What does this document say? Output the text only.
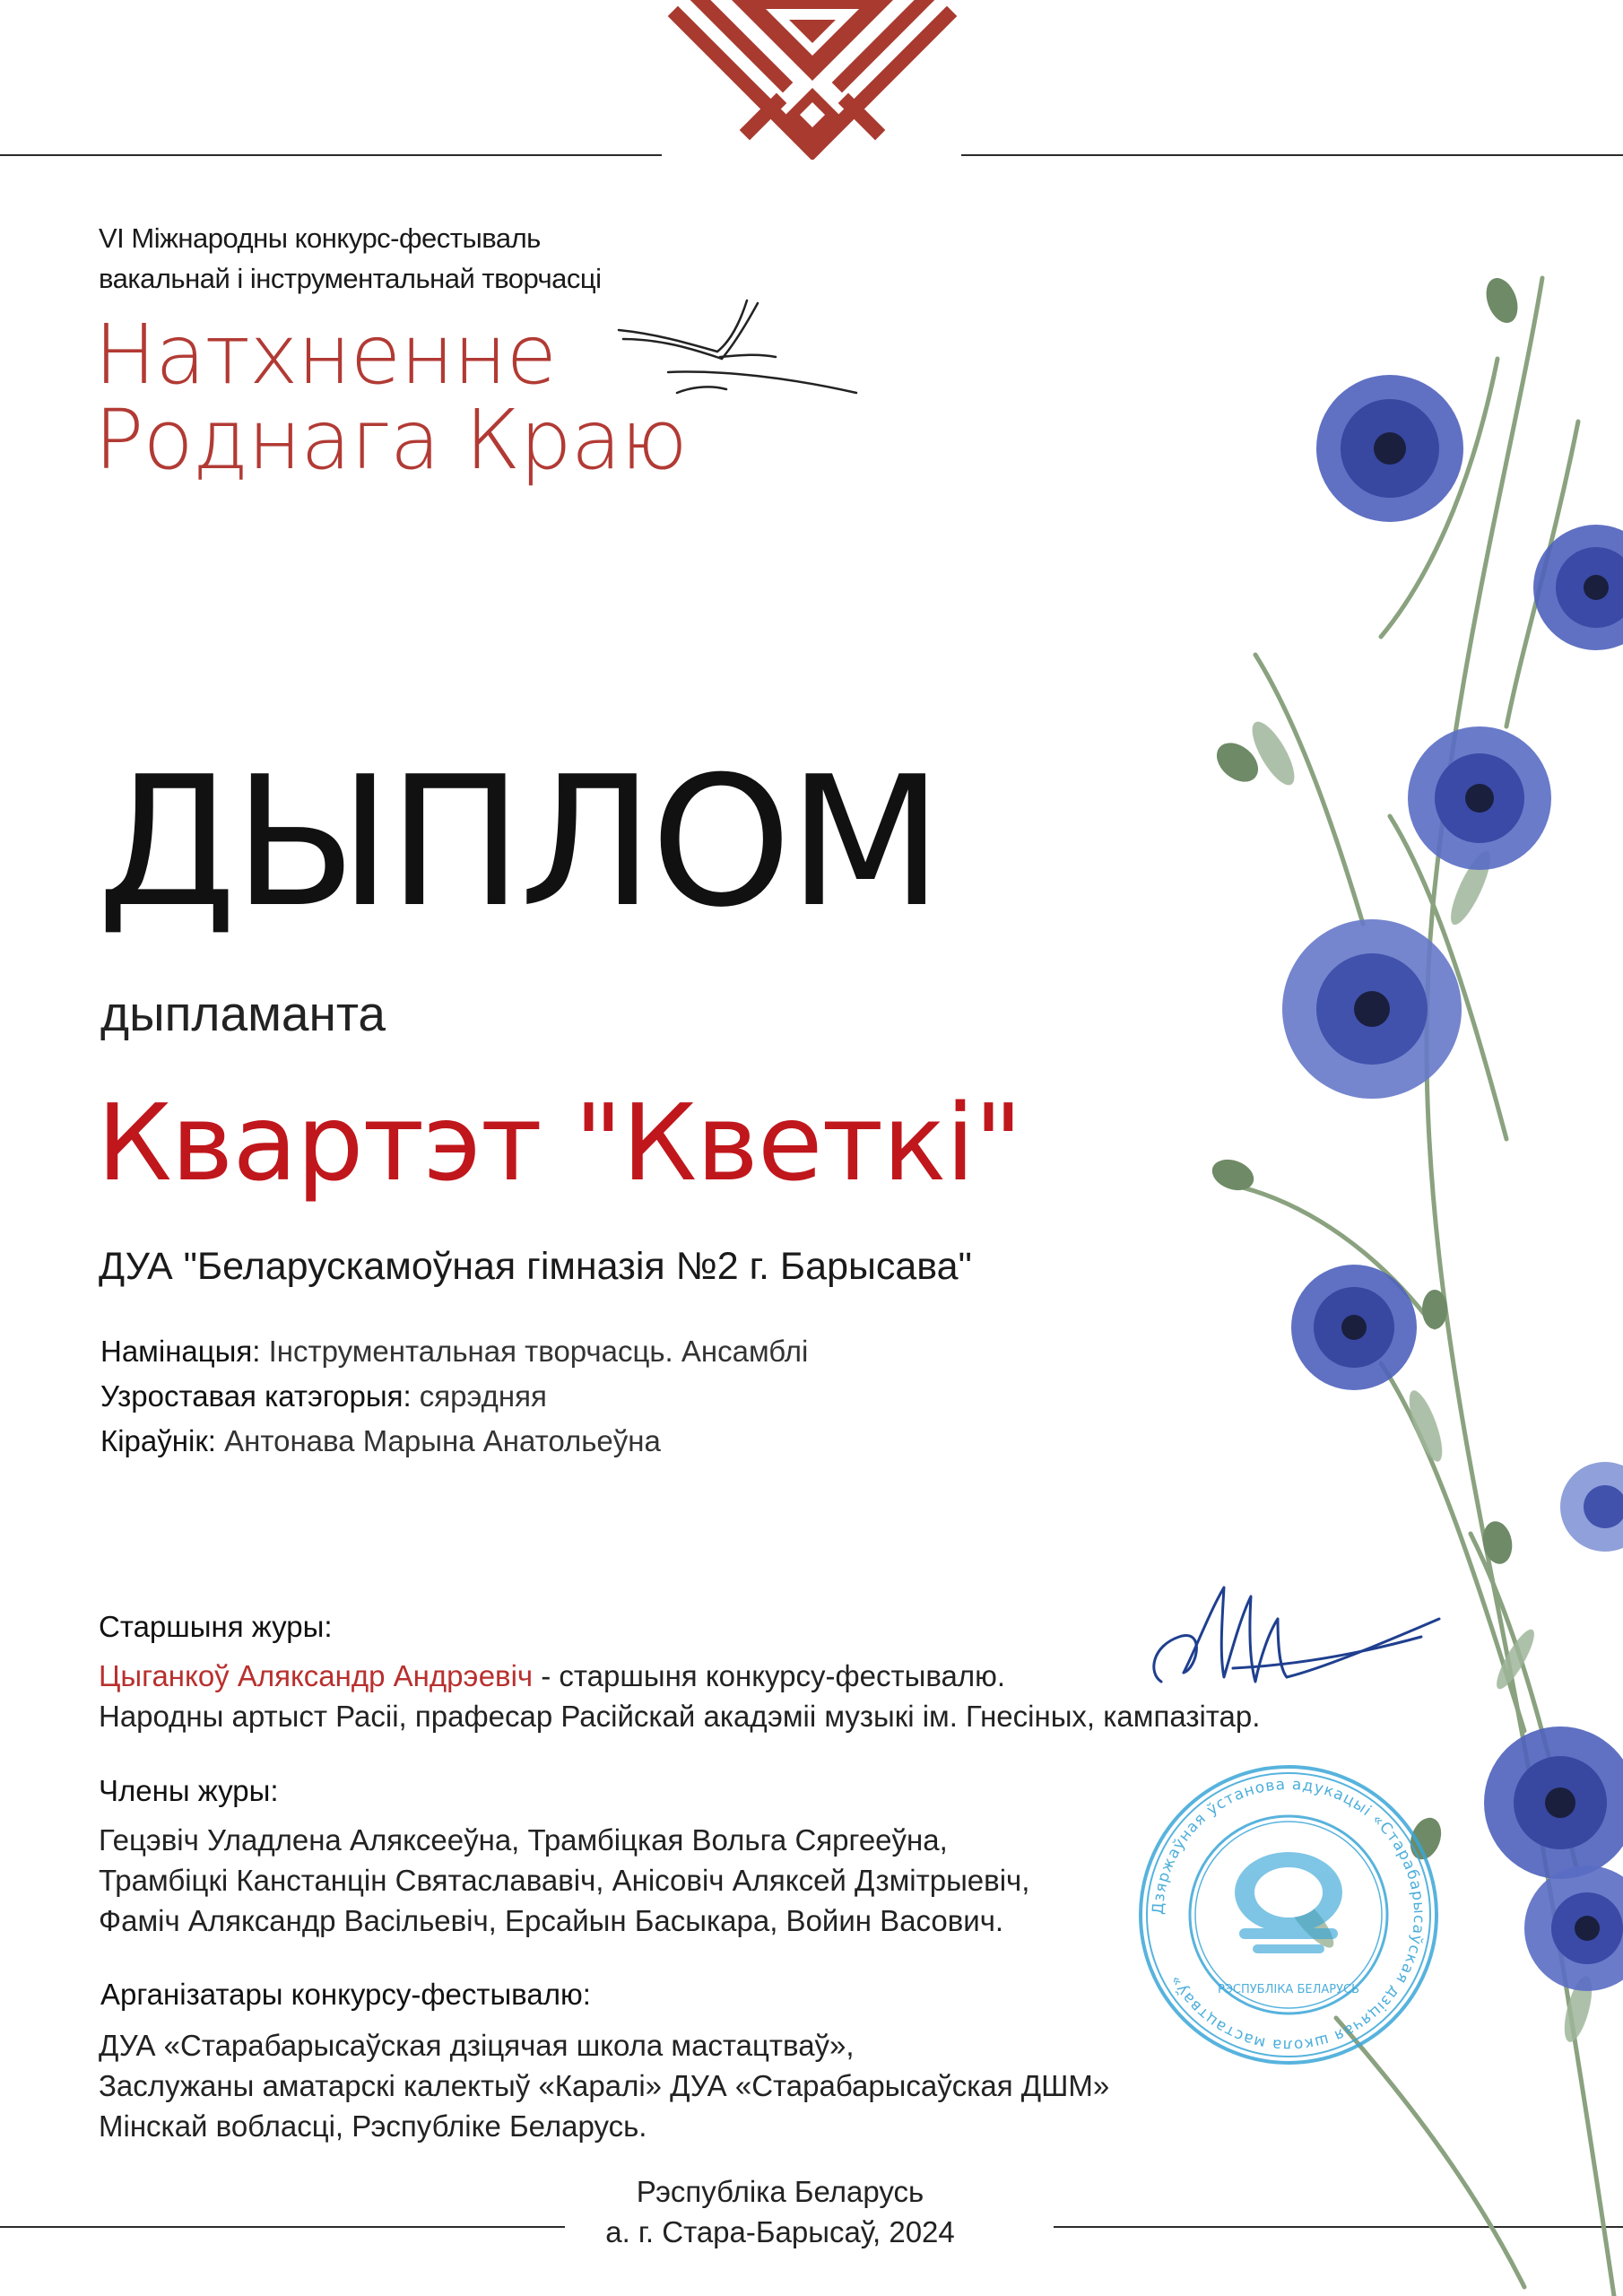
VI Міжнародны конкурс-фестываль
вакальнай і інструментальнай творчасці
Натхненне
Роднага Краю
ДЫПЛОМ
дыпламанта
Квартэт "Кветкі"
ДУА "Беларускамоўная гімназія №2 г. Барысава"
Намінацыя: Інструментальная творчасць. Ансамблі
Узроставая катэгорыя: сярэдняя
Кіраўнік: Антонава Марына Анатольеўна
Старшыня журы:
Цыганкоў Аляксандр Андрэевіч - старшыня конкурсу-фестывалю.
Народны артыст Расіі, прафесар Расійскай акадэміі музыкі ім. Гнесіных, кампазітар.
Члены журы:
Гецэвіч Уладлена Аляксееўна, Трамбіцкая Вольга Сяргееўна,
Трамбіцкі Канстанцін Святаслававіч, Анісовіч Аляксей Дзмітрыевіч,
Фаміч Аляксандр Васільевіч, Ерсайын Басыкара, Войин Васович.
Арганізатары конкурсу-фестывалю:
ДУА «Старабарысаўская дзіцячая школа мастацтваў»,
Заслужаны аматарскі калектыў «Каралі» ДУА «Старабарысаўская ДШМ»
Мінскай вобласці, Рэспубліке Беларусь.
Рэспубліка Беларусь
а. г. Стара-Барысаў, 2024
Дзяржаўная ўстанова адукацыі «Старабарысаўская дзіцячая школа мастацтваў»
РЭСПУБЛІКА БЕЛАРУСЬ
